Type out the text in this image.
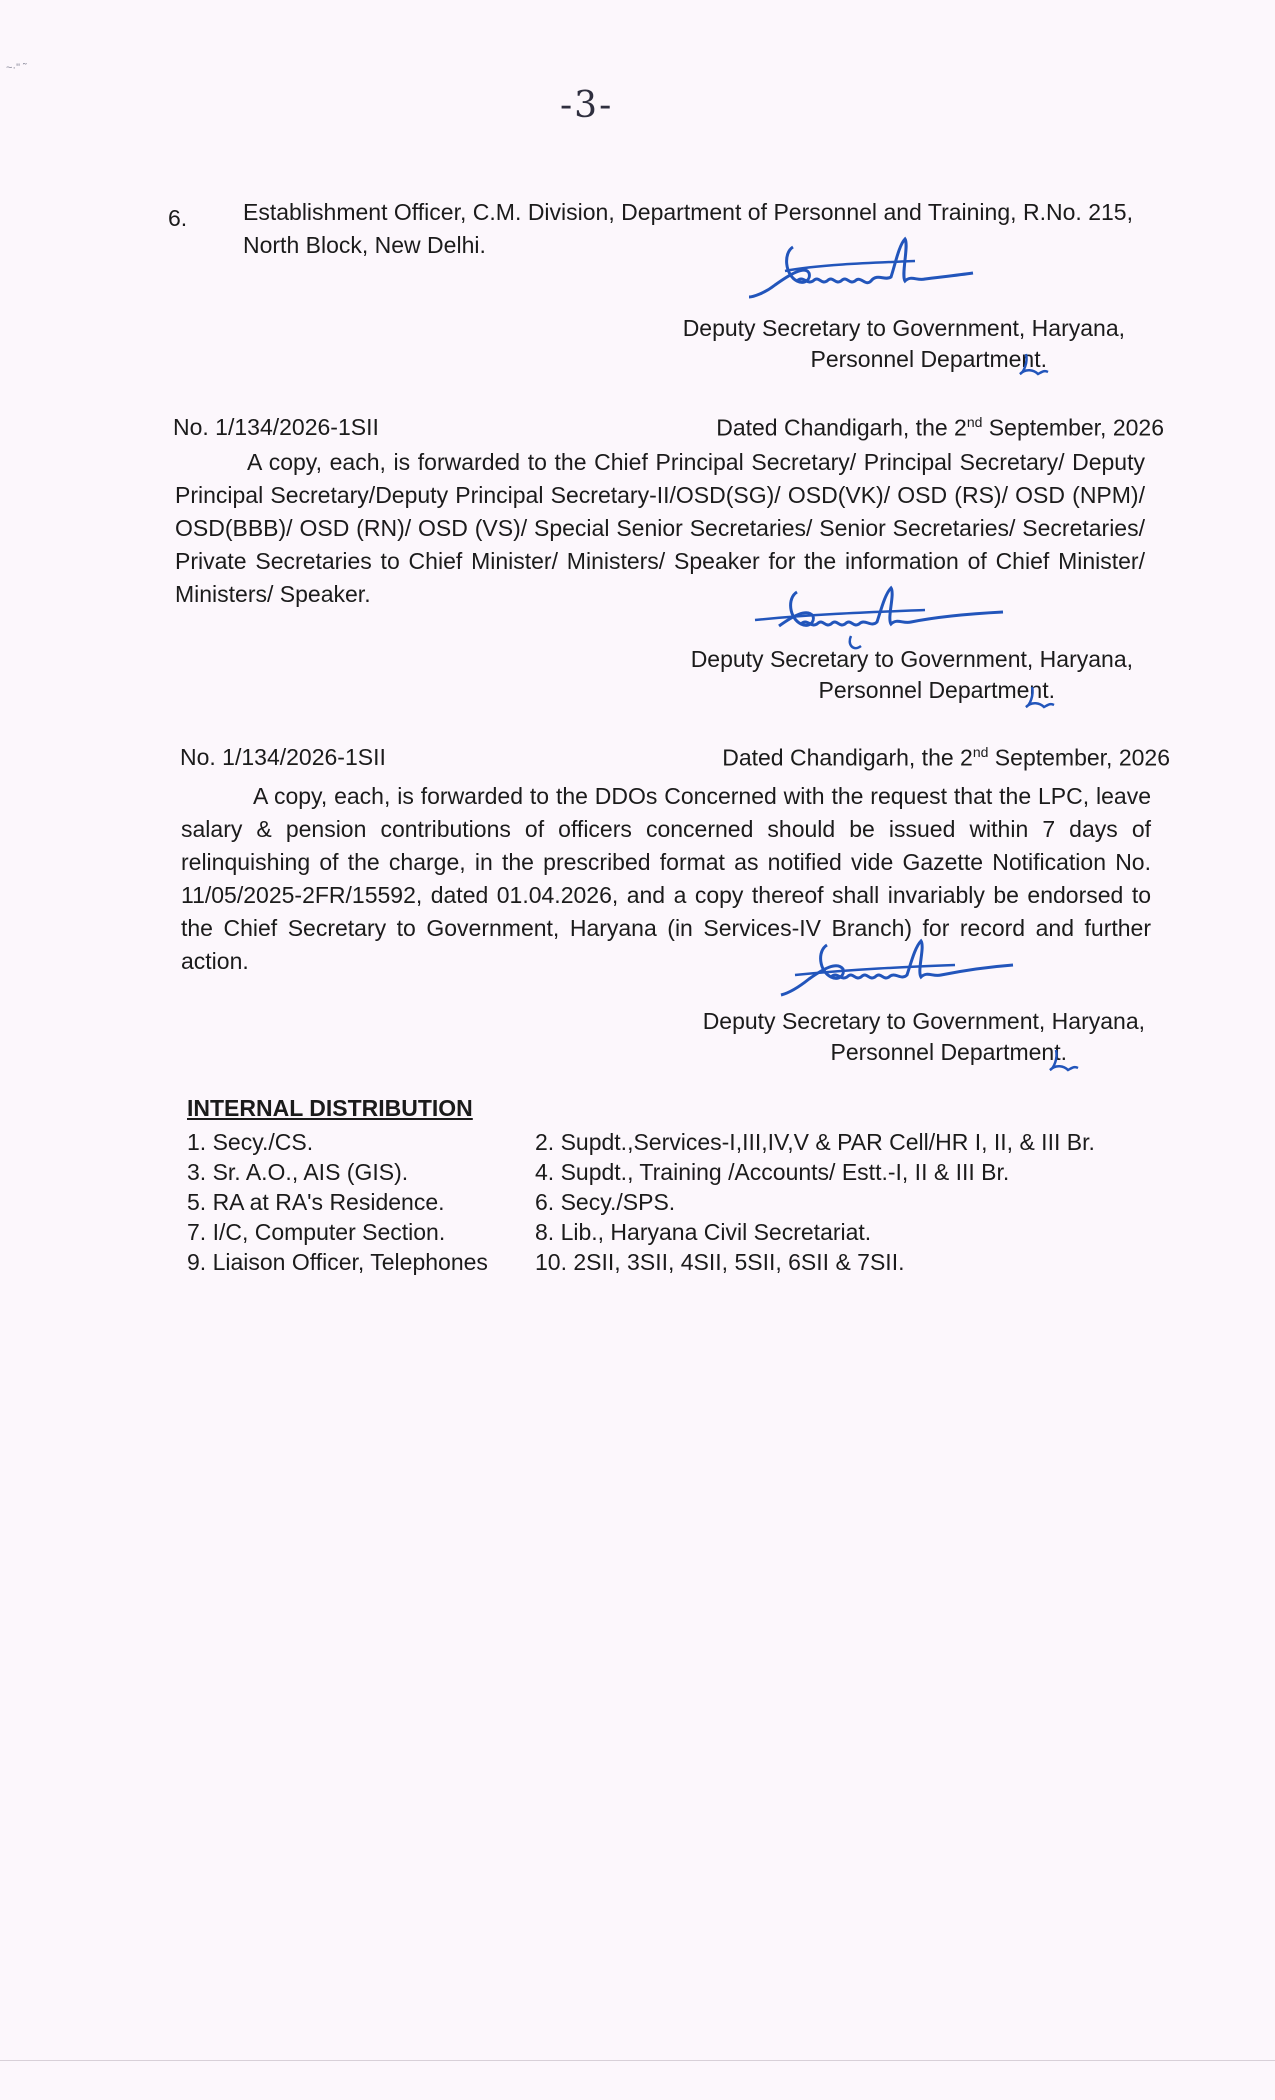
~·" ˜
-3-
6. Establishment Officer, C.M. Division, Department of Personnel and Training, R.No. 215, North Block, New Delhi.
Deputy Secretary to Government, Haryana,
Personnel Department.
No. 1/134/2026-1SII	Dated Chandigarh, the 2nd September, 2026
A copy, each, is forwarded to the Chief Principal Secretary/ Principal Secretary/ Deputy Principal Secretary/Deputy Principal Secretary-II/OSD(SG)/ OSD(VK)/ OSD (RS)/ OSD (NPM)/ OSD(BBB)/ OSD (RN)/ OSD (VS)/ Special Senior Secretaries/ Senior Secretaries/ Secretaries/ Private Secretaries to Chief Minister/ Ministers/ Speaker for the information of Chief Minister/ Ministers/ Speaker.
Deputy Secretary to Government, Haryana,
Personnel Department.
No. 1/134/2026-1SII	Dated Chandigarh, the 2nd September, 2026
A copy, each, is forwarded to the DDOs Concerned with the request that the LPC, leave salary & pension contributions of officers concerned should be issued within 7 days of relinquishing of the charge, in the prescribed format as notified vide Gazette Notification No. 11/05/2025-2FR/15592, dated 01.04.2026, and a copy thereof shall invariably be endorsed to the Chief Secretary to Government, Haryana (in Services-IV Branch) for record and further action.
Deputy Secretary to Government, Haryana,
Personnel Department.
INTERNAL DISTRIBUTION
1. Secy./CS.	2. Supdt.,Services-I,III,IV,V & PAR Cell/HR I, II, & III Br.
3. Sr. A.O., AIS (GIS).	4. Supdt., Training /Accounts/ Estt.-I, II & III Br.
5. RA at RA's Residence.	6. Secy./SPS.
7. I/C, Computer Section.	8. Lib., Haryana Civil Secretariat.
9. Liaison Officer, Telephones	10. 2SII, 3SII, 4SII, 5SII, 6SII & 7SII.
